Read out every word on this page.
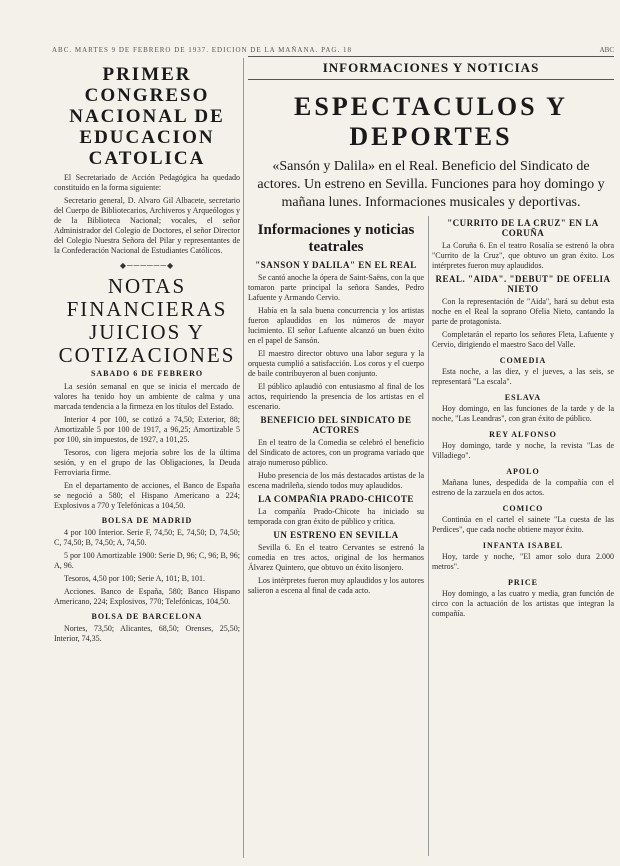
ABC. MARTES 9 DE FEBRERO DE 1937. EDICION DE LA MAÑANA. PAG. 18	ABC
PRIMER CONGRESO NACIONAL DE EDUCACION CATOLICA

El Secretariado de Acción Pedagógica ha quedado constituido en la forma siguiente:

Secretario general, D. Alvaro Gil Albacete, secretario del Cuerpo de Bibliotecarios, Archiveros y Arqueólogos y de la Biblioteca Nacional; vocales, el señor Administrador del Colegio de Doctores, el señor Director del Colegio Nuestra Señora del Pilar y representantes de la Confederación Nacional de Estudiantes Católicos.

◆──────◆
NOTAS FINANCIERAS JUICIOS Y COTIZACIONES
SABADO 6 DE FEBRERO

La sesión semanal en que se inicia el mercado de valores ha tenido hoy un ambiente de calma y una marcada tendencia a la firmeza en los títulos del Estado.

Interior 4 por 100, se cotizó a 74,50; Exterior, 88; Amortizable 5 por 100 de 1917, a 96,25; Amortizable 5 por 100, sin impuestos, de 1927, a 101,25.

Tesoros, con ligera mejoría sobre los de la última sesión, y en el grupo de las Obligaciones, la Deuda Ferroviaria firme.

En el departamento de acciones, el Banco de España se negoció a 580; el Hispano Americano a 224; Explosivos a 770 y Telefónicas a 104,50.

BOLSA DE MADRID

4 por 100 Interior. Serie F, 74,50; E, 74,50; D, 74,50; C, 74,50; B, 74,50; A, 74,50.

5 por 100 Amortizable 1900: Serie D, 96; C, 96; B, 96; A, 96.

Tesoros, 4,50 por 100; Serie A, 101; B, 101.

Acciones. Banco de España, 580; Banco Hispano Americano, 224; Explosivos, 770; Telefónicas, 104,50.

BOLSA DE BARCELONA

Nortes, 73,50; Alicantes, 68,50; Orenses, 25,50; Interior, 74,35.

INFORMACIONES Y NOTICIAS
ESPECTACULOS Y DEPORTES
«Sansón y Dalila» en el Real. Beneficio del Sindicato de actores. Un estreno en Sevilla. Funciones para hoy domingo y mañana lunes. Informaciones musicales y deportivas.
Informaciones y noticias teatrales
"SANSON Y DALILA" EN EL REAL

Se cantó anoche la ópera de Saint-Saëns, con la que tomaron parte principal la señora Sandes, Pedro Lafuente y Armando Cervio.

Había en la sala buena concurrencia y los artistas fueron aplaudidos en los números de mayor lucimiento. El señor Lafuente alcanzó un buen éxito en el papel de Sansón.

El maestro director obtuvo una labor segura y la orquesta cumplió a satisfacción. Los coros y el cuerpo de baile contribuyeron al buen conjunto.

El público aplaudió con entusiasmo al final de los actos, requiriendo la presencia de los artistas en el escenario.

BENEFICIO DEL SINDICATO DE ACTORES

En el teatro de la Comedia se celebró el beneficio del Sindicato de actores, con un programa variado que atrajo numeroso público.

Hubo presencia de los más destacados artistas de la escena madrileña, siendo todos muy aplaudidos.

LA COMPAÑIA PRADO-CHICOTE

La compañía Prado-Chicote ha iniciado su temporada con gran éxito de público y crítica.

UN ESTRENO EN SEVILLA

Sevilla 6. En el teatro Cervantes se estrenó la comedia en tres actos, original de los hermanos Álvarez Quintero, que obtuvo un éxito lisonjero.

Los intérpretes fueron muy aplaudidos y los autores salieron a escena al final de cada acto.

"CURRITO DE LA CRUZ" EN LA CORUÑA

La Coruña 6. En el teatro Rosalía se estrenó la obra "Currito de la Cruz", que obtuvo un gran éxito. Los intérpretes fueron muy aplaudidos.

REAL. "AIDA". "DEBUT" DE OFELIA NIETO

Con la representación de "Aida", hará su debut esta noche en el Real la soprano Ofelia Nieto, cantando la parte de protagonista.

Completarán el reparto los señores Fleta, Lafuente y Cervio, dirigiendo el maestro Saco del Valle.

COMEDIA

Esta noche, a las diez, y el jueves, a las seis, se representará "La escala".

ESLAVA

Hoy domingo, en las funciones de la tarde y de la noche, "Las Leandras", con gran éxito de público.

REY ALFONSO

Hoy domingo, tarde y noche, la revista "Las de Villadiego".

APOLO

Mañana lunes, despedida de la compañía con el estreno de la zarzuela en dos actos.

COMICO

Continúa en el cartel el sainete "La cuesta de las Perdices", que cada noche obtiene mayor éxito.

INFANTA ISABEL

Hoy, tarde y noche, "El amor solo dura 2.000 metros".

PRICE

Hoy domingo, a las cuatro y media, gran función de circo con la actuación de los artistas que integran la compañía.
